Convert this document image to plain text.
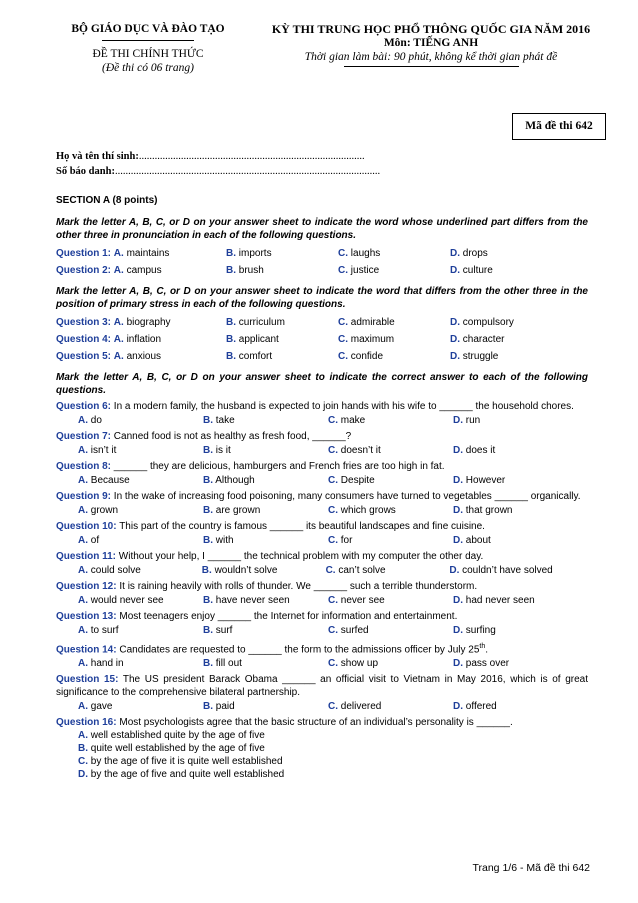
BỘ GIÁO DỤC VÀ ĐÀO TẠO
ĐỀ THI CHÍNH THỨC
(Đề thi có 06 trang)
KỲ THI TRUNG HỌC PHỔ THÔNG QUỐC GIA NĂM 2016
Môn: TIẾNG ANH
Thời gian làm bài: 90 phút, không kể thời gian phát đề
Mã đề thi 642
Họ và tên thí sinh:......................................................................................
Số báo danh:.....................................................................................................
SECTION A (8 points)
Mark the letter A, B, C, or D on your answer sheet to indicate the word whose underlined part differs from the other three in pronunciation in each of the following questions.
Question 1: A. maintains	B. imports	C. laughs	D. drops
Question 2: A. campus	B. brush	C. justice	D. culture
Mark the letter A, B, C, or D on your answer sheet to indicate the word that differs from the other three in the position of primary stress in each of the following questions.
Question 3: A. biography	B. curriculum	C. admirable	D. compulsory
Question 4: A. inflation	B. applicant	C. maximum	D. character
Question 5: A. anxious	B. comfort	C. confide	D. struggle
Mark the letter A, B, C, or D on your answer sheet to indicate the correct answer to each of the following questions.
Question 6: In a modern family, the husband is expected to join hands with his wife to ______ the household chores.
A. do	B. take	C. make	D. run
Question 7: Canned food is not as healthy as fresh food, ______?
A. isn’t it	B. is it	C. doesn’t it	D. does it
Question 8: ______ they are delicious, hamburgers and French fries are too high in fat.
A. Because	B. Although	C. Despite	D. However
Question 9: In the wake of increasing food poisoning, many consumers have turned to vegetables ______ organically.
A. grown	B. are grown	C. which grows	D. that grown
Question 10: This part of the country is famous ______ its beautiful landscapes and fine cuisine.
A. of	B. with	C. for	D. about
Question 11: Without your help, I ______ the technical problem with my computer the other day.
A. could solve	B. wouldn’t solve	C. can’t solve	D. couldn’t have solved
Question 12: It is raining heavily with rolls of thunder. We ______ such a terrible thunderstorm.
A. would never see	B. have never seen	C. never see	D. had never seen
Question 13: Most teenagers enjoy ______ the Internet for information and entertainment.
A. to surf	B. surf	C. surfed	D. surfing
Question 14: Candidates are requested to ______ the form to the admissions officer by July 25th.
A. hand in	B. fill out	C. show up	D. pass over
Question 15: The US president Barack Obama ______ an official visit to Vietnam in May 2016, which is of great significance to the comprehensive bilateral partnership.
A. gave	B. paid	C. delivered	D. offered
Question 16: Most psychologists agree that the basic structure of an individual’s personality is ______.
A. well established quite by the age of five
B. quite well established by the age of five
C. by the age of five it is quite well established
D. by the age of five and quite well established
Trang 1/6 - Mã đề thi 642
